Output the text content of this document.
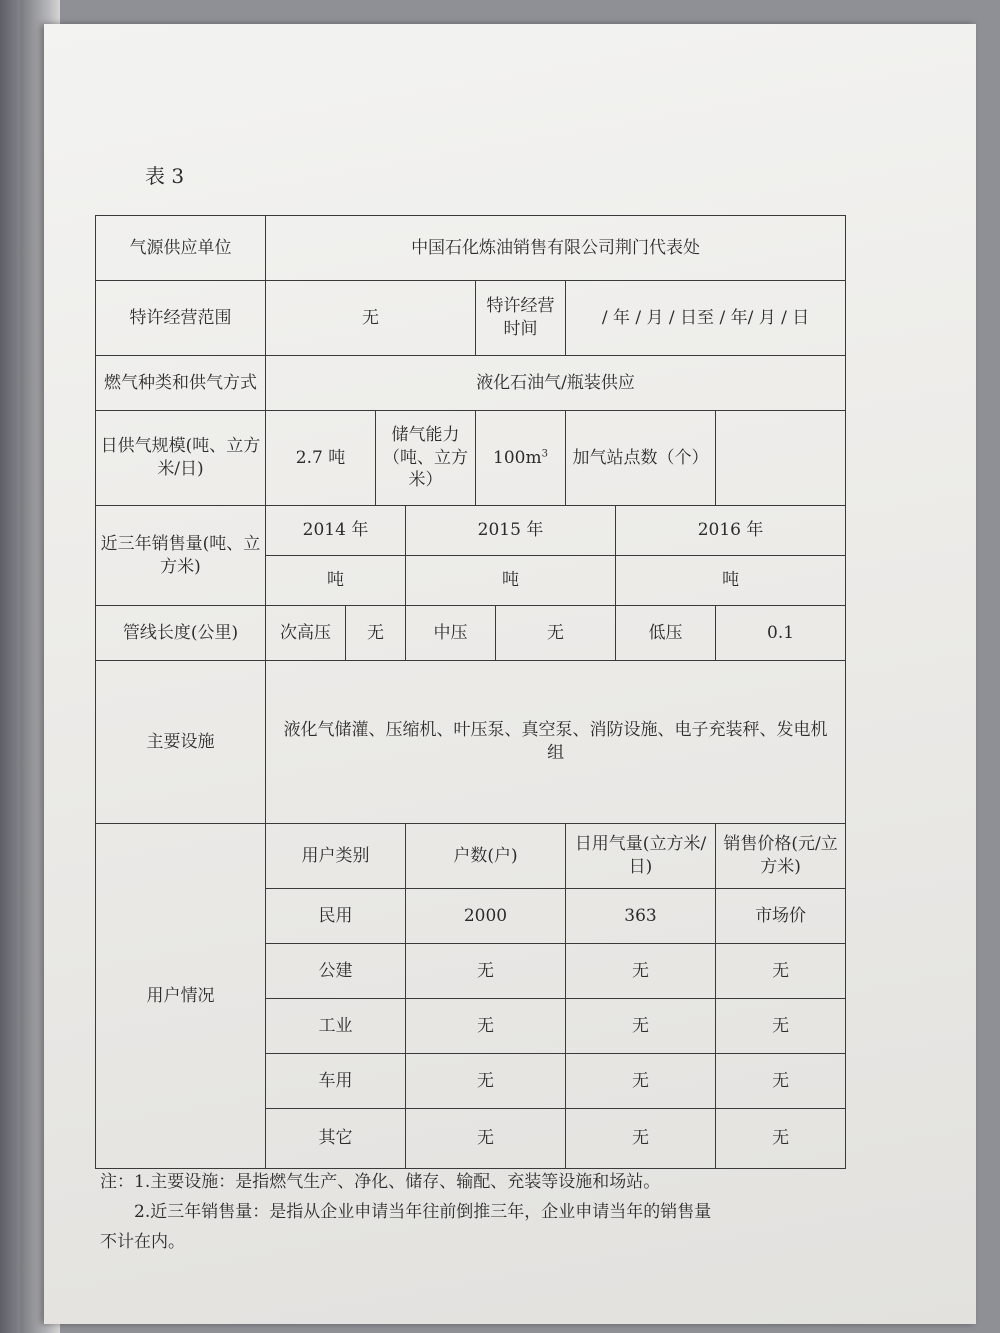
表 3
气源供应单位	中国石化炼油销售有限公司荆门代表处								
特许经营范围	无				特许经营时间		/ 年 / 月 / 日至 / 年/ 月 / 日		
燃气种类和供气方式	液化石油气/瓶装供应								
日供气规模(吨、立方米/日)	2.7 吨		储气能力（吨、立方米）		$100m^3$		加气站点数（个）		
近三年销售量(吨、立方米)	2014 年			2015 年				2016 年	
	吨			吨				吨	
管线长度(公里)	次高压	无		中压		无		低压	0.1
主要设施	液化气储灌、压缩机、叶压泵、真空泵、消防设施、电子充装秤、发电机组								
用户情况	用户类别			户数(户)			日用气量(立方米/日)		销售价格(元/立方米)
	民用			2000			363		市场价
	公建			无			无		无
	工业			无			无		无
	车用			无			无		无
	其它			无			无		无

注：1.主要设施：是指燃气生产、净化、储存、输配、充装等设施和场站。

2.近三年销售量：是指从企业申请当年往前倒推三年，企业申请当年的销售量

不计在内。
